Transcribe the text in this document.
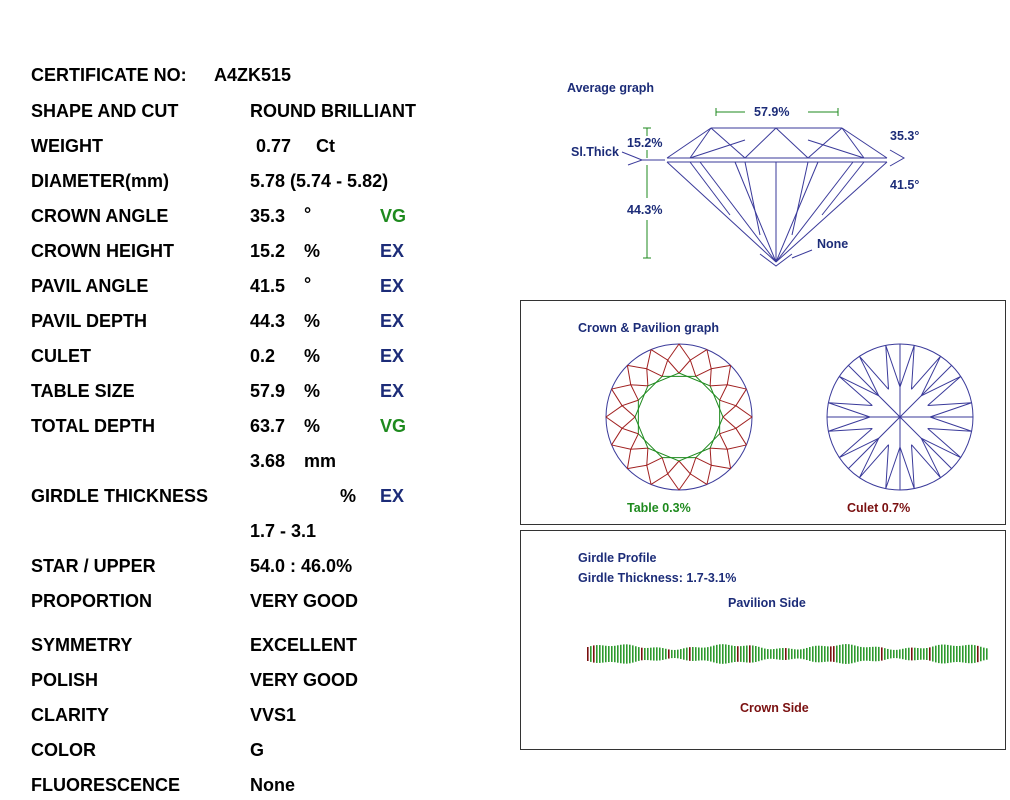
CERTIFICATE NO: A4ZK515
SHAPE AND CUT	ROUND BRILLIANT
WEIGHT	0.77 Ct
DIAMETER(mm)	5.78 (5.74 - 5.82)
CROWN ANGLE	35.3 °	VG
CROWN HEIGHT	15.2 %	EX
PAVIL ANGLE	41.5 °	EX
PAVIL DEPTH	44.3 %	EX
CULET	0.2 %	EX
TABLE SIZE	57.9 %	EX
TOTAL DEPTH	63.7 %	VG
3.68 mm
GIRDLE THICKNESS	% EX
1.7 - 3.1
STAR / UPPER	54.0 : 46.0%
PROPORTION	VERY GOOD
SYMMETRY	EXCELLENT
POLISH	VERY GOOD
CLARITY	VVS1
COLOR	G
FLUORESCENCE	None
Average graph
57.9%
15.2%
Sl.Thick
44.3%
35.3°
41.5°
None
Crown & Pavilion graph
Table 0.3%	Culet 0.7%
Girdle Profile
Girdle Thickness: 1.7-3.1%
Pavilion Side
Crown Side
